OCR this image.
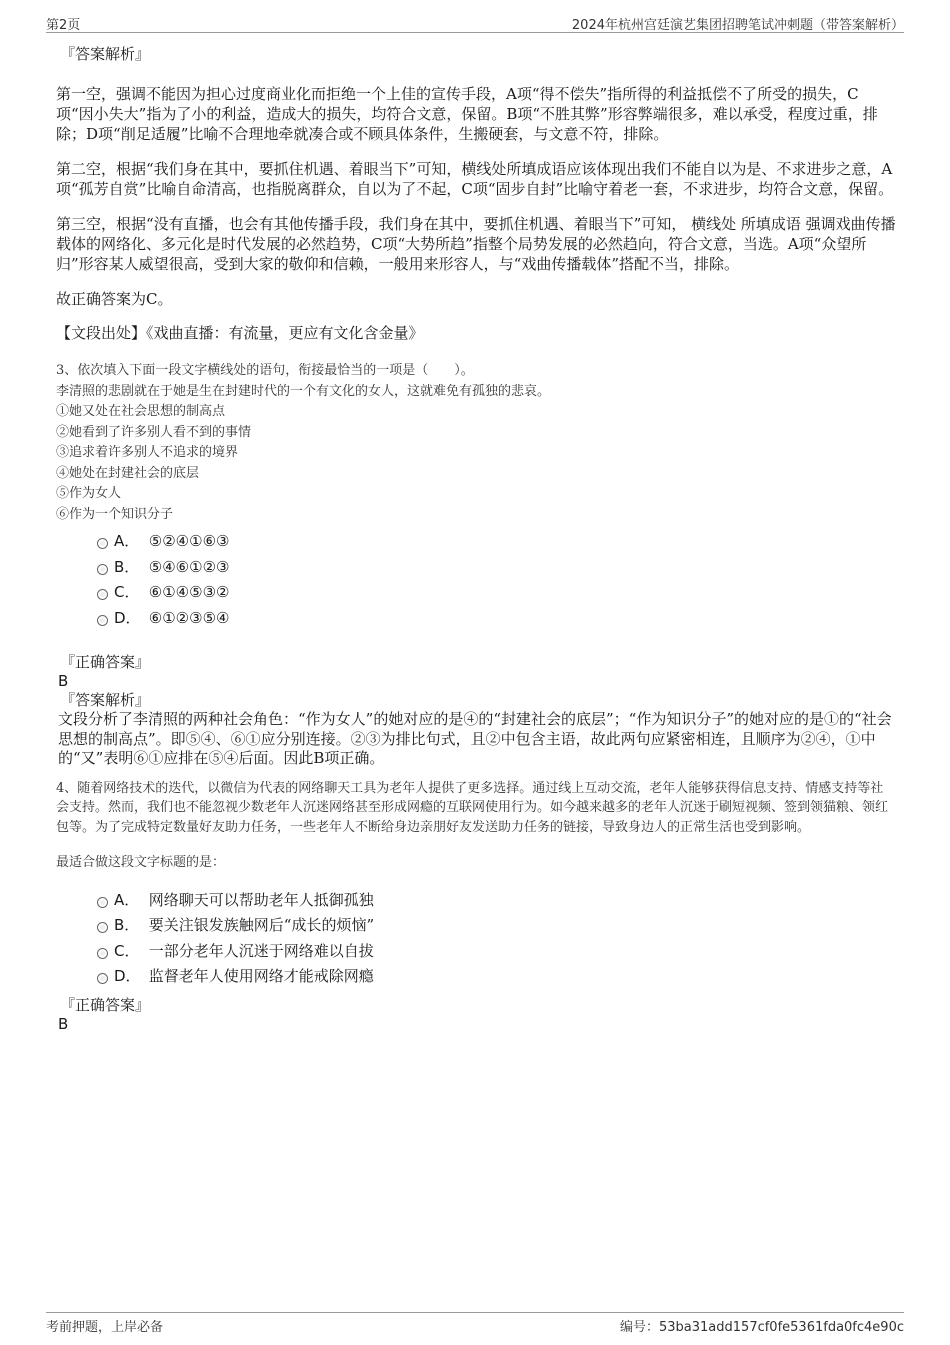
第2页	2024年杭州宫廷演艺集团招聘笔试冲刺题（带答案解析）
『答案解析』

第一空，强调不能因为担心过度商业化而拒绝一个上佳的宣传手段，A项“得不偿失”指所得的利益抵偿不了所受的损失，C项“因小失大”指为了小的利益，造成大的损失，均符合文意，保留。B项“不胜其弊”形容弊端很多，难以承受，程度过重，排除；D项“削足适履”比喻不合理地牵就凑合或不顾具体条件，生搬硬套，与文意不符，排除。

第二空，根据“我们身在其中，要抓住机遇、着眼当下”可知，横线处所填成语应该体现出我们不能自以为是、不求进步之意，A项“孤芳自赏”比喻自命清高，也指脱离群众，自以为了不起，C项“固步自封”比喻守着老一套，不求进步，均符合文意，保留。

第三空，根据“没有直播，也会有其他传播手段，我们身在其中，要抓住机遇、着眼当下”可知， 横线处 所填成语 强调戏曲传播载体的网络化、多元化是时代发展的必然趋势，C项“大势所趋”指整个局势发展的必然趋向，符合文意，当选。A项“众望所归”形容某人威望很高，受到大家的敬仰和信赖，一般用来形容人，与“戏曲传播载体”搭配不当，排除。

故正确答案为C。

【文段出处】《戏曲直播：有流量，更应有文化含金量》

3、依次填入下面一段文字横线处的语句，衔接最恰当的一项是（　　）。

李清照的悲剧就在于她是生在封建时代的一个有文化的女人，这就难免有孤独的悲哀。

①她又处在社会思想的制高点

②她看到了许多别人看不到的事情

③追求着许多别人不追求的境界

④她处在封建社会的底层

⑤作为女人

⑥作为一个知识分子

A． ⑤②④①⑥③
B． ⑤④⑥①②③
C． ⑥①④⑤③②
D． ⑥①②③⑤④
『正确答案』
B
『答案解析』

文段分析了李清照的两种社会角色：“作为女人”的她对应的是④的“封建社会的底层”；“作为知识分子”的她对应的是①的“社会思想的制高点”。即⑤④、⑥①应分别连接。②③为排比句式，且②中包含主语，故此两句应紧密相连，且顺序为②④，①中的“又”表明⑥①应排在⑤④后面。因此B项正确。

4、随着网络技术的迭代，以微信为代表的网络聊天工具为老年人提供了更多选择。通过线上互动交流，老年人能够获得信息支持、情感支持等社会支持。然而，我们也不能忽视少数老年人沉迷网络甚至形成网瘾的互联网使用行为。如今越来越多的老年人沉迷于刷短视频、签到领猫粮、领红包等。为了完成特定数量好友助力任务，一些老年人不断给身边亲朋好友发送助力任务的链接，导致身边人的正常生活也受到影响。

最适合做这段文字标题的是：

A． 网络聊天可以帮助老年人抵御孤独
B． 要关注银发族触网后“成长的烦恼”
C． 一部分老年人沉迷于网络难以自拔
D． 监督老年人使用网络才能戒除网瘾
『正确答案』
B
考前押题，上岸必备	编号：53ba31add157cf0fe5361fda0fc4e90c
